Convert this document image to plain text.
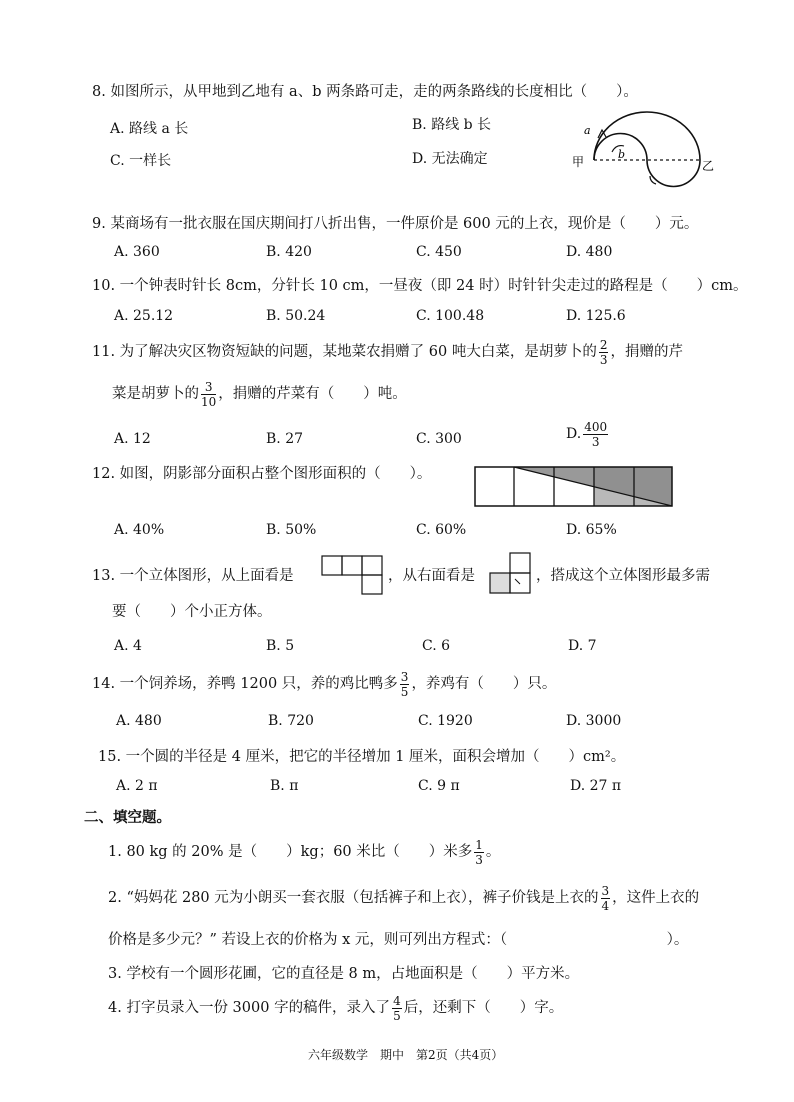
8. 如图所示，从甲地到乙地有 a、b 两条路可走，走的两条路线的长度相比（　　）。
A. 路线 a 长	B. 路线 b 长
C. 一样长	D. 无法确定
a
b
甲	乙
9. 某商场有一批衣服在国庆期间打八折出售，一件原价是 600 元的上衣，现价是（　　）元。
A. 360	B. 420	C. 450	D. 480
10. 一个钟表时针长 8cm，分针长 10 cm，一昼夜（即 24 时）时针针尖走过的路程是（　　）cm。
A. 25.12	B. 50.24	C. 100.48	D. 125.6
11. 为了解决灾区物资短缺的问题，某地菜农捐赠了 60 吨大白菜，是胡萝卜的 $\frac{2}{3}$ ，捐赠的芹
菜是胡萝卜的 $\frac{3}{10}$ ，捐赠的芹菜有（　　）吨。
A. 12	B. 27	C. 300	D. $\frac{400}{3}$
12. 如图，阴影部分面积占整个图形面积的（　　）。
A. 40%	B. 50%	C. 60%	D. 65%
13. 一个立体图形，从上面看是	，从右面看是	，搭成这个立体图形最多需
要（　　）个小正方体。
A. 4	B. 5	C. 6	D. 7
14. 一个饲养场，养鸭 1200 只，养的鸡比鸭多 $\frac{3}{5}$ ，养鸡有（　　）只。
A. 480	B. 720	C. 1920	D. 3000
15. 一个圆的半径是 4 厘米，把它的半径增加 1 厘米，面积会增加（　　）cm²。
A. 2 π	B. π	C. 9 π	D. 27 π
二、填空题。
1. 80 kg 的 20% 是（　　）kg；60 米比（　　）米多 $\frac{1}{3}$ 。
2. “妈妈花 280 元为小朗买一套衣服（包括裤子和上衣），裤子价钱是上衣的 $\frac{3}{4}$ ，这件上衣的
价格是多少元？” 若设上衣的价格为 x 元，则可列出方程式：（　　　　　　　　　　　）。
3. 学校有一个圆形花圃，它的直径是 8 m，占地面积是（　　）平方米。
4. 打字员录入一份 3000 字的稿件，录入了 $\frac{4}{5}$ 后，还剩下（　　）字。
六年级数学　期中　第2页（共4页）
